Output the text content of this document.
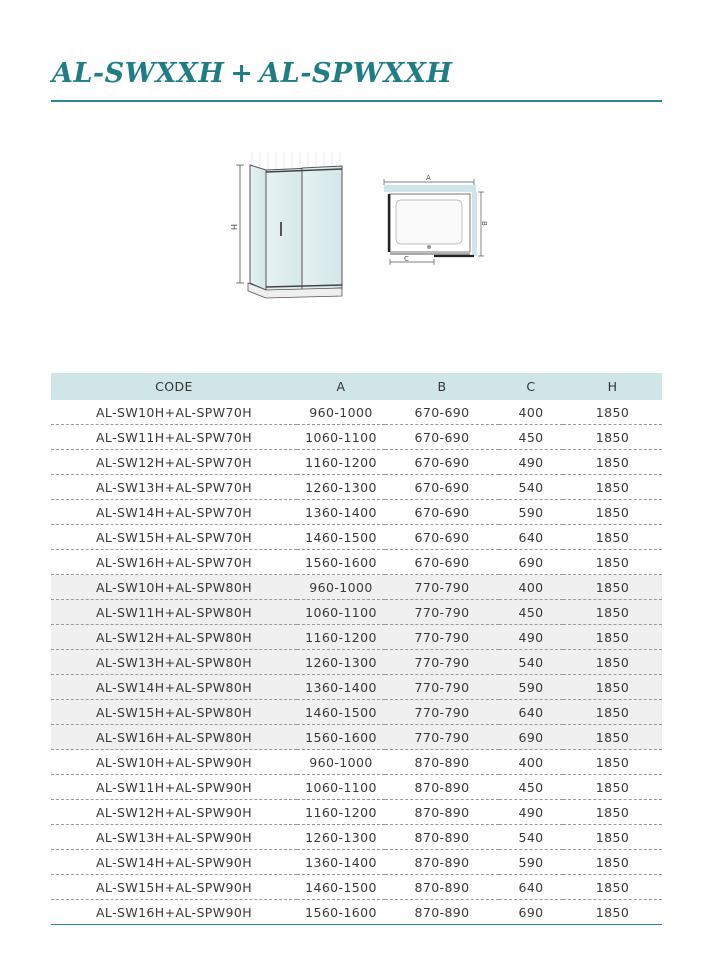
AL-SWXXH + AL-SPWXXH
H
A
B
C
CODE	A	B	C	H
AL-SW10H+AL-SPW70H	960-1000	670-690	400	1850
AL-SW11H+AL-SPW70H	1060-1100	670-690	450	1850
AL-SW12H+AL-SPW70H	1160-1200	670-690	490	1850
AL-SW13H+AL-SPW70H	1260-1300	670-690	540	1850
AL-SW14H+AL-SPW70H	1360-1400	670-690	590	1850
AL-SW15H+AL-SPW70H	1460-1500	670-690	640	1850
AL-SW16H+AL-SPW70H	1560-1600	670-690	690	1850
AL-SW10H+AL-SPW80H	960-1000	770-790	400	1850
AL-SW11H+AL-SPW80H	1060-1100	770-790	450	1850
AL-SW12H+AL-SPW80H	1160-1200	770-790	490	1850
AL-SW13H+AL-SPW80H	1260-1300	770-790	540	1850
AL-SW14H+AL-SPW80H	1360-1400	770-790	590	1850
AL-SW15H+AL-SPW80H	1460-1500	770-790	640	1850
AL-SW16H+AL-SPW80H	1560-1600	770-790	690	1850
AL-SW10H+AL-SPW90H	960-1000	870-890	400	1850
AL-SW11H+AL-SPW90H	1060-1100	870-890	450	1850
AL-SW12H+AL-SPW90H	1160-1200	870-890	490	1850
AL-SW13H+AL-SPW90H	1260-1300	870-890	540	1850
AL-SW14H+AL-SPW90H	1360-1400	870-890	590	1850
AL-SW15H+AL-SPW90H	1460-1500	870-890	640	1850
AL-SW16H+AL-SPW90H	1560-1600	870-890	690	1850
